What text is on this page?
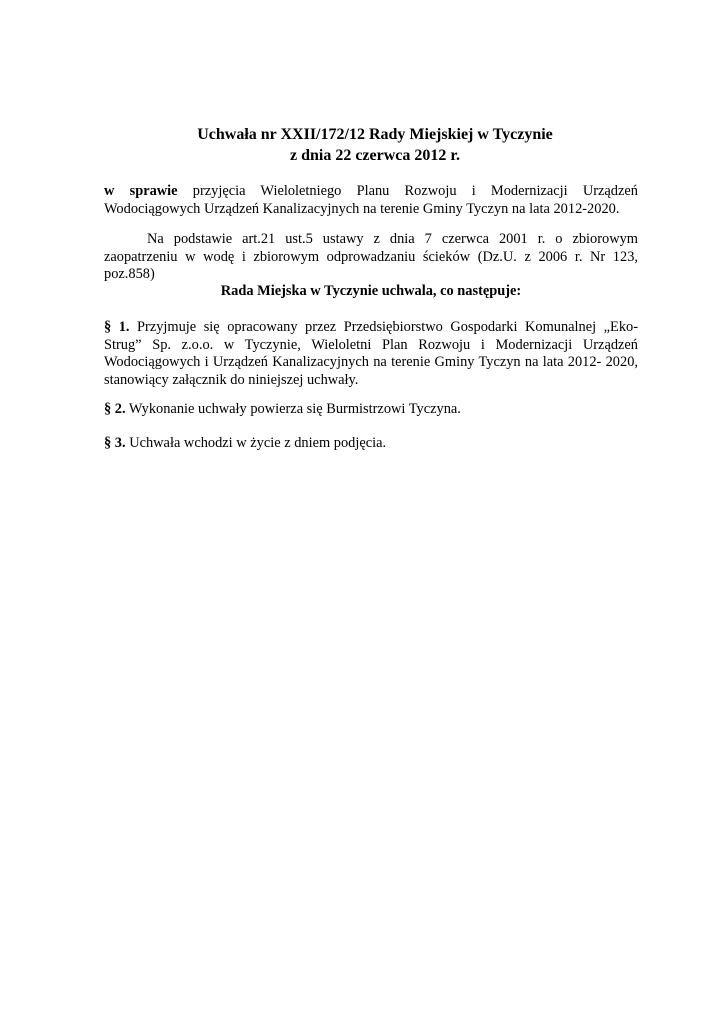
Uchwała nr XXII/172/12 Rady Miejskiej w Tyczynie
z dnia 22 czerwca 2012 r.
w sprawie przyjęcia Wieloletniego Planu Rozwoju i Modernizacji Urządzeń Wodociągowych Urządzeń Kanalizacyjnych na terenie Gminy Tyczyn na lata 2012-2020.
Na podstawie art.21 ust.5 ustawy z dnia 7 czerwca 2001 r. o zbiorowym zaopatrzeniu w wodę i zbiorowym odprowadzaniu ścieków (Dz.U. z 2006 r. Nr 123, poz.858)
Rada Miejska w Tyczynie uchwala, co następuje:
§ 1. Przyjmuje się opracowany przez Przedsiębiorstwo Gospodarki Komunalnej „Eko-Strug” Sp. z.o.o. w Tyczynie, Wieloletni Plan Rozwoju i Modernizacji Urządzeń Wodociągowych i Urządzeń Kanalizacyjnych na terenie Gminy Tyczyn na lata 2012- 2020, stanowiący załącznik do niniejszej uchwały.
§ 2. Wykonanie uchwały powierza się Burmistrzowi Tyczyna.
§ 3. Uchwała wchodzi w życie z dniem podjęcia.
